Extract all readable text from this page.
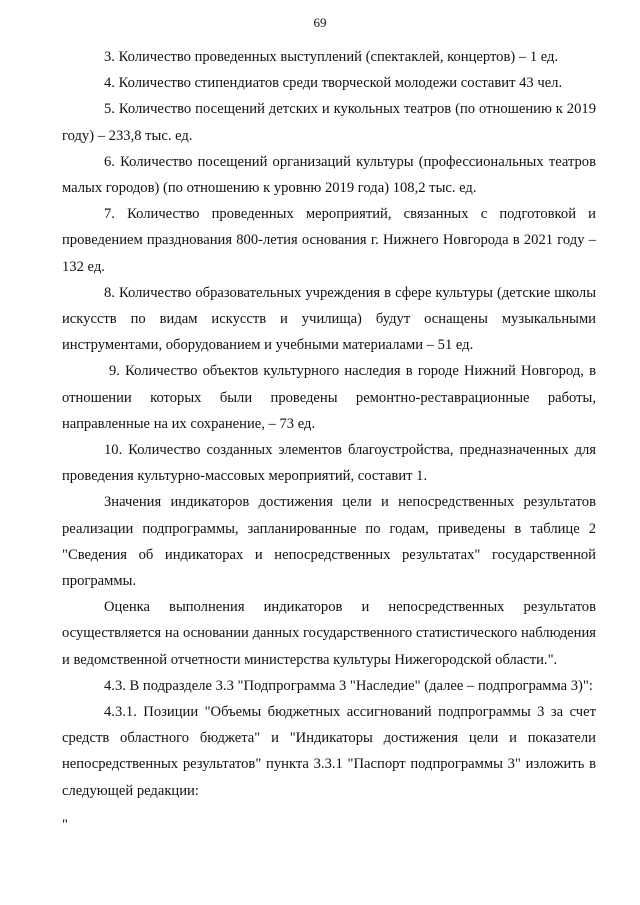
69

3. Количество проведенных выступлений (спектаклей, концертов) – 1 ед.

4. Количество стипендиатов среди творческой молодежи составит 43 чел.

5. Количество посещений детских и кукольных театров (по отношению к 2019 году) – 233,8 тыс. ед.

6. Количество посещений организаций культуры (профессиональных театров малых городов) (по отношению к уровню 2019 года) 108,2 тыс. ед.

7. Количество проведенных мероприятий, связанных с подготовкой и проведением празднования 800-летия основания г. Нижнего Новгорода в 2021 году – 132 ед.

8. Количество образовательных учреждения в сфере культуры (детские школы искусств по видам искусств и училища) будут оснащены музыкальными инструментами, оборудованием и учебными материалами – 51 ед.

9. Количество объектов культурного наследия в городе Нижний Новгород, в отношении которых были проведены ремонтно-реставрационные работы, направленные на их сохранение, – 73 ед.

10. Количество созданных элементов благоустройства, предназначенных для проведения культурно-массовых мероприятий, составит 1.

Значения индикаторов достижения цели и непосредственных результатов реализации подпрограммы, запланированные по годам, приведены в таблице 2 "Сведения об индикаторах и непосредственных результатах" государственной программы.

Оценка выполнения индикаторов и непосредственных результатов осуществляется на основании данных государственного статистического наблюдения и ведомственной отчетности министерства культуры Нижегородской области.".

4.3. В подразделе 3.3 "Подпрограмма 3 "Наследие" (далее – подпрограмма 3)":

4.3.1. Позиции "Объемы бюджетных ассигнований подпрограммы 3 за счет средств областного бюджета" и "Индикаторы достижения цели и показатели непосредственных результатов" пункта 3.3.1 "Паспорт подпрограммы 3" изложить в следующей редакции:

"
